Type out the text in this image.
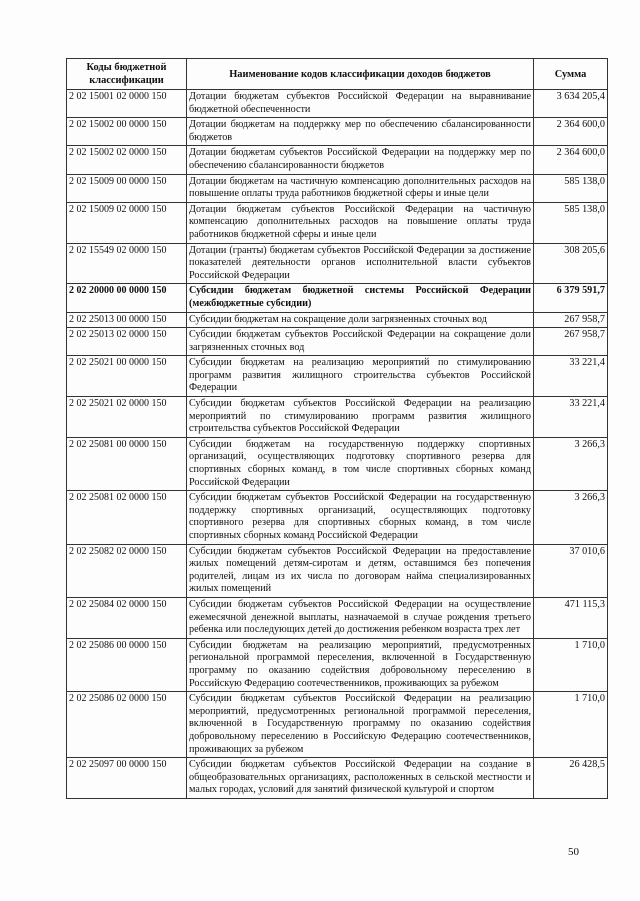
Коды бюджетной классификации	Наименование кодов классификации доходов бюджетов	Сумма
2 02 15001 02 0000 150	Дотации бюджетам субъектов Российской Федерации на выравнивание бюджетной обеспеченности	3 634 205,4
2 02 15002 00 0000 150	Дотации бюджетам на поддержку мер по обеспечению сбалансированности бюджетов	2 364 600,0
2 02 15002 02 0000 150	Дотации бюджетам субъектов Российской Федерации на поддержку мер по обеспечению сбалансированности бюджетов	2 364 600,0
2 02 15009 00 0000 150	Дотации бюджетам на частичную компенсацию дополнительных расходов на повышение оплаты труда работников бюджетной сферы и иные цели	585 138,0
2 02 15009 02 0000 150	Дотации бюджетам субъектов Российской Федерации на частичную компенсацию дополнительных расходов на повышение оплаты труда работников бюджетной сферы и иные цели	585 138,0
2 02 15549 02 0000 150	Дотации (гранты) бюджетам субъектов Российской Федерации за достижение показателей деятельности органов исполнительной власти субъектов Российской Федерации	308 205,6
2 02 20000 00 0000 150	Субсидии бюджетам бюджетной системы Российской Федерации (межбюджетные субсидии)	6 379 591,7
2 02 25013 00 0000 150	Субсидии бюджетам на сокращение доли загрязненных сточных вод	267 958,7
2 02 25013 02 0000 150	Субсидии бюджетам субъектов Российской Федерации на сокращение доли загрязненных сточных вод	267 958,7
2 02 25021 00 0000 150	Субсидии бюджетам на реализацию мероприятий по стимулированию программ развития жилищного строительства субъектов Российской Федерации	33 221,4
2 02 25021 02 0000 150	Субсидии бюджетам субъектов Российской Федерации на реализацию мероприятий по стимулированию программ развития жилищного строительства субъектов Российской Федерации	33 221,4
2 02 25081 00 0000 150	Субсидии бюджетам на государственную поддержку спортивных организаций, осуществляющих подготовку спортивного резерва для спортивных сборных команд, в том числе спортивных сборных команд Российской Федерации	3 266,3
2 02 25081 02 0000 150	Субсидии бюджетам субъектов Российской Федерации на государственную поддержку спортивных организаций, осуществляющих подготовку спортивного резерва для спортивных сборных команд, в том числе спортивных сборных команд Российской Федерации	3 266,3
2 02 25082 02 0000 150	Субсидии бюджетам субъектов Российской Федерации на предоставление жилых помещений детям-сиротам и детям, оставшимся без попечения родителей, лицам из их числа по договорам найма специализированных жилых помещений	37 010,6
2 02 25084 02 0000 150	Субсидии бюджетам субъектов Российской Федерации на осуществление ежемесячной денежной выплаты, назначаемой в случае рождения третьего ребенка или последующих детей до достижения ребенком возраста трех лет	471 115,3
2 02 25086 00 0000 150	Субсидии бюджетам на реализацию мероприятий, предусмотренных региональной программой переселения, включенной в Государственную программу по оказанию содействия добровольному переселению в Российскую Федерацию соотечественников, проживающих за рубежом	1 710,0
2 02 25086 02 0000 150	Субсидии бюджетам субъектов Российской Федерации на реализацию мероприятий, предусмотренных региональной программой переселения, включенной в Государственную программу по оказанию содействия добровольному переселению в Российскую Федерацию соотечественников, проживающих за рубежом	1 710,0
2 02 25097 00 0000 150	Субсидии бюджетам субъектов Российской Федерации на создание в общеобразовательных организациях, расположенных в сельской местности и малых городах, условий для занятий физической культурой и спортом	26 428,5
50
